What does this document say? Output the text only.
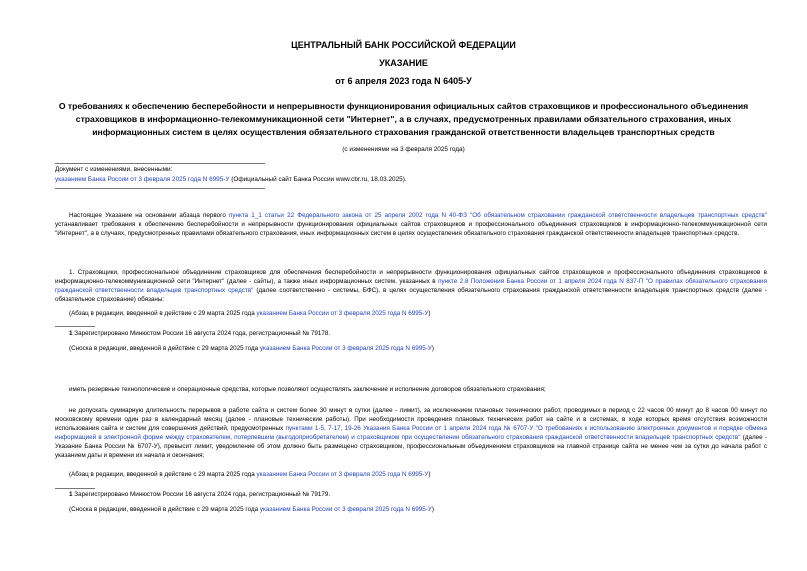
ЦЕНТРАЛЬНЫЙ БАНК РОССИЙСКОЙ ФЕДЕРАЦИИ
УКАЗАНИЕ
от 6 апреля 2023 года N 6405-У
О требованиях к обеспечению бесперебойности и непрерывности функционирования официальных сайтов страховщиков и профессионального объединения
страховщиков в информационно-телекоммуникационной сети "Интернет", а в случаях, предусмотренных правилами обязательного страхования, иных
информационных систем в целях осуществления обязательного страхования гражданской ответственности владельцев транспортных средств
(с изменениями на 3 февраля 2025 года)
Документ с изменениями, внесенными:
указанием Банка России от 3 февраля 2025 года N 6995-У (Официальный сайт Банка России www.cbr.ru, 18.03.2025).
Настоящее Указание на основании абзаца первого пункта 1_1 статьи 22 Федерального закона от 25 апреля 2002 года N 40-ФЗ "Об обязательном страховании гражданской ответственности владельцев транспортных средств" устанавливает требования к обеспечению бесперебойности и непрерывности функционирования официальных сайтов страховщиков и профессионального объединения страховщиков в информационно-телекоммуникационной сети "Интернет", а в случаях, предусмотренных правилами обязательного страхования, иных информационных систем в целях осуществления обязательного страхования гражданской ответственности владельцев транспортных средств.
1. Страховщики, профессиональное объединение страховщиков для обеспечения бесперебойности и непрерывности функционирования официальных сайтов страховщиков и профессионального объединения страховщиков в информационно-телекоммуникационной сети "Интернет" (далее - сайты), а также иных информационных систем, указанных в пункте 2.8 Положения Банка России от 1 апреля 2024 года N 837-П "О правилах обязательного страхования гражданской ответственности владельцев транспортных средств" (далее соответственно - системы, БФС), в целях осуществления обязательного страхования гражданской ответственности владельцев транспортных средств (далее - обязательное страхование) обязаны:
(Абзац в редакции, введенной в действие с 29 марта 2025 года указанием Банка России от 3 февраля 2025 года N 6995-У)
1 Зарегистрировано Минюстом России 16 августа 2024 года, регистрационный № 79178.
(Сноска в редакции, введенной в действие с 29 марта 2025 года указанием Банка России от 3 февраля 2025 года N 6995-У)
иметь резервные технологические и операционные средства, которые позволяют осуществлять заключение и исполнение договоров обязательного страхования;
не допускать суммарную длительность перерывов в работе сайта и систем более 30 минут в сутки (далее - лимит), за исключением плановых технических работ, проводимых в период с 22 часов 00 минут до 8 часов 00 минут по московскому времени один раз в календарный месяц (далее - плановые технические работы). При необходимости проведения плановых технических работ на сайте и в системах, в ходе которых время отсутствия возможности использования сайта и систем для совершения действий, предусмотренных пунктами 1-5, 7-17, 19-26 Указания Банка России от 1 апреля 2024 года № 6707-У "О требованиях к использованию электронных документов и порядке обмена информацией в электронной форме между страхователем, потерпевшим (выгодоприобретателем) и страховщиком при осуществлении обязательного страхования гражданской ответственности владельцев транспортных средств" (далее - Указание Банка России № 6707-У), превысит лимит, уведомление об этом должно быть размещено страховщиком, профессиональным объединением страховщиков на главной странице сайта не менее чем за сутки до начала работ с указанием даты и времени их начала и окончания;
(Абзац в редакции, введенной в действие с 29 марта 2025 года указанием Банка России от 3 февраля 2025 года N 6995-У)
1 Зарегистрировано Минюстом России 16 августа 2024 года, регистрационный № 79179.
(Сноска в редакции, введенной в действие с 29 марта 2025 года указанием Банка России от 3 февраля 2025 года N 6995-У)
